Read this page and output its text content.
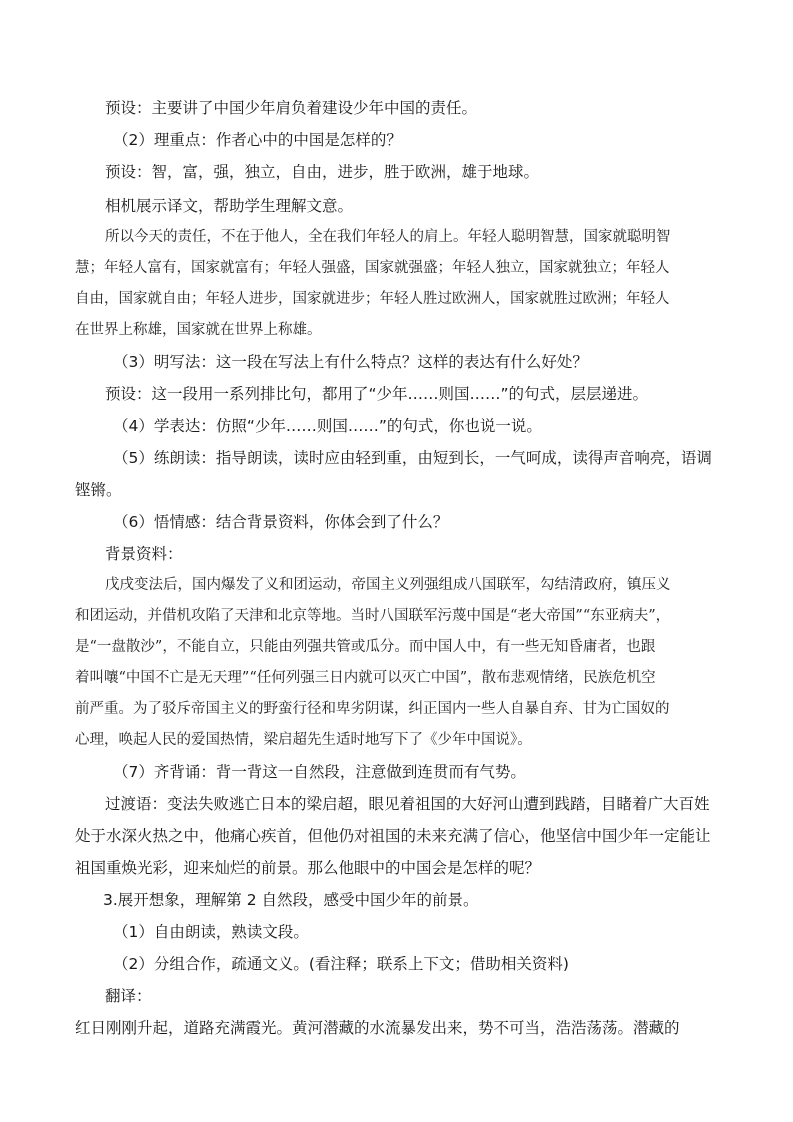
预设：主要讲了中国少年肩负着建设少年中国的责任。

（2）理重点：作者心中的中国是怎样的？

预设：智，富，强，独立，自由，进步，胜于欧洲，雄于地球。

相机展示译文，帮助学生理解文意。

所以今天的责任，不在于他人，全在我们年轻人的肩上。年轻人聪明智慧，国家就聪明智

慧；年轻人富有，国家就富有；年轻人强盛，国家就强盛；年轻人独立，国家就独立；年轻人

自由，国家就自由；年轻人进步，国家就进步；年轻人胜过欧洲人，国家就胜过欧洲；年轻人

在世界上称雄，国家就在世界上称雄。

（3）明写法：这一段在写法上有什么特点？这样的表达有什么好处？

预设：这一段用一系列排比句，都用了“少年……则国……”的句式，层层递进。

（4）学表达：仿照“少年……则国……”的句式，你也说一说。

（5）练朗读：指导朗读，读时应由轻到重，由短到长，一气呵成，读得声音响亮，语调

铿锵。

（6）悟情感：结合背景资料，你体会到了什么？

背景资料：

戊戌变法后，国内爆发了义和团运动，帝国主义列强组成八国联军，勾结清政府，镇压义

和团运动，并借机攻陷了天津和北京等地。当时八国联军污蔑中国是“老大帝国”“东亚病夫”，

是“一盘散沙”，不能自立，只能由列强共管或瓜分。而中国人中，有一些无知昏庸者，也跟

着叫嚷“中国不亡是无天理”“任何列强三日内就可以灭亡中国”，散布悲观情绪，民族危机空

前严重。为了驳斥帝国主义的野蛮行径和卑劣阴谋，纠正国内一些人自暴自弃、甘为亡国奴的

心理，唤起人民的爱国热情，梁启超先生适时地写下了《少年中国说》。

（7）齐背诵：背一背这一自然段，注意做到连贯而有气势。

过渡语：变法失败逃亡日本的梁启超，眼见着祖国的大好河山遭到践踏，目睹着广大百姓

处于水深火热之中，他痛心疾首，但他仍对祖国的未来充满了信心，他坚信中国少年一定能让

祖国重焕光彩，迎来灿烂的前景。那么他眼中的中国会是怎样的呢？

3.展开想象，理解第 2 自然段，感受中国少年的前景。

（1）自由朗读，熟读文段。

（2）分组合作，疏通文义。(看注释；联系上下文；借助相关资料)

翻译：

红日刚刚升起，道路充满霞光。黄河潜藏的水流暴发出来，势不可当，浩浩荡荡。潜藏的
